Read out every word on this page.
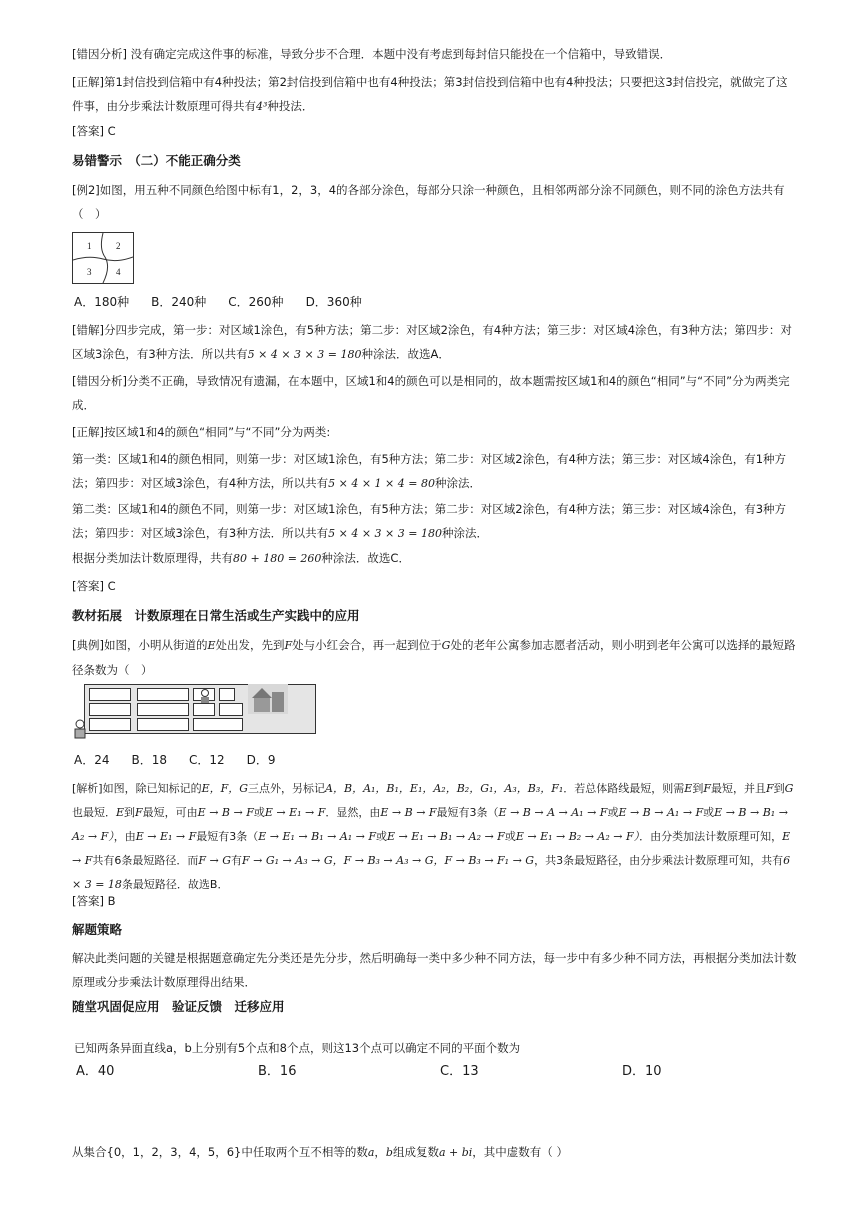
[错因分析] 没有确定完成这件事的标准，导致分步不合理．本题中没有考虑到每封信只能投在一个信箱中，导致错误．

[正解]第1封信投到信箱中有4种投法；第2封信投到信箱中也有4种投法；第3封信投到信箱中也有4种投法；只要把这3封信投完，就做完了这件事，由分步乘法计数原理可得共有4³种投法．

[答案] C

易错警示　（二）不能正确分类

[例2]如图，用五种不同颜色给图中标有1，2，3，4的各部分涂色，每部分只涂一种颜色，且相邻两部分涂不同颜色，则不同的涂色方法共有（　）

1	2
3	4

A．180种 B．240种 C．260种 D．360种

[错解]分四步完成，第一步：对区域1涂色，有5种方法；第二步：对区域2涂色，有4种方法；第三步：对区域4涂色，有3种方法；第四步：对区域3涂色，有3种方法．所以共有5 × 4 × 3 × 3 = 180种涂法．故选A．

[错因分析]分类不正确，导致情况有遗漏，在本题中，区域1和4的颜色可以是相同的，故本题需按区域1和4的颜色“相同”与“不同”分为两类完成．

[正解]按区域1和4的颜色“相同”与“不同”分为两类:

第一类：区域1和4的颜色相同，则第一步：对区域1涂色，有5种方法；第二步：对区域2涂色，有4种方法；第三步：对区域4涂色，有1种方法；第四步：对区域3涂色，有4种方法，所以共有5 × 4 × 1 × 4 = 80种涂法．

第二类：区域1和4的颜色不同，则第一步：对区域1涂色，有5种方法；第二步：对区域2涂色，有4种方法；第三步：对区域4涂色，有3种方法；第四步：对区域3涂色，有3种方法．所以共有5 × 4 × 3 × 3 = 180种涂法．

根据分类加法计数原理得，共有80 + 180 = 260种涂法．故选C．

[答案] C

教材拓展　计数原理在日常生活或生产实践中的应用

[典例]如图，小明从街道的E处出发，先到F处与小红会合，再一起到位于G处的老年公寓参加志愿者活动，则小明到老年公寓可以选择的最短路径条数为（　）

A．24 B．18 C．12 D．9

[解析]如图，除已知标记的E，F，G三点外，另标记A，B，A₁，B₁，E₁，A₂，B₂，G₁，A₃，B₃，F₁．若总体路线最短，则需E到F最短，并且F到G也最短．E到F最短，可由E → B → F或E → E₁ → F．显然，由E → B → F最短有3条（E → B → A → A₁ → F或E → B → A₁ → F或E → B → B₁ → A₂ → F），由E → E₁ → F最短有3条（E → E₁ → B₁ → A₁ → F或E → E₁ → B₁ → A₂ → F或E → E₁ → B₂ → A₂ → F）．由分类加法计数原理可知，E → F共有6条最短路径．而F → G有F → G₁ → A₃ → G，F → B₃ → A₃ → G，F → B₃ → F₁ → G，共3条最短路径，由分步乘法计数原理可知，共有6 × 3 = 18条最短路径．故选B．

[答案] B

解题策略

解决此类问题的关键是根据题意确定先分类还是先分步，然后明确每一类中多少种不同方法，每一步中有多少种不同方法，再根据分类加法计数原理或分步乘法计数原理得出结果．

随堂巩固促应用　验证反馈　迁移应用

已知两条异面直线a，b上分别有5个点和8个点，则这13个点可以确定不同的平面个数为

A．40	B．16	C．13	D．10

从集合{0，1，2，3，4，5，6}中任取两个互不相等的数a，b组成复数a + bi，其中虚数有（ ）
